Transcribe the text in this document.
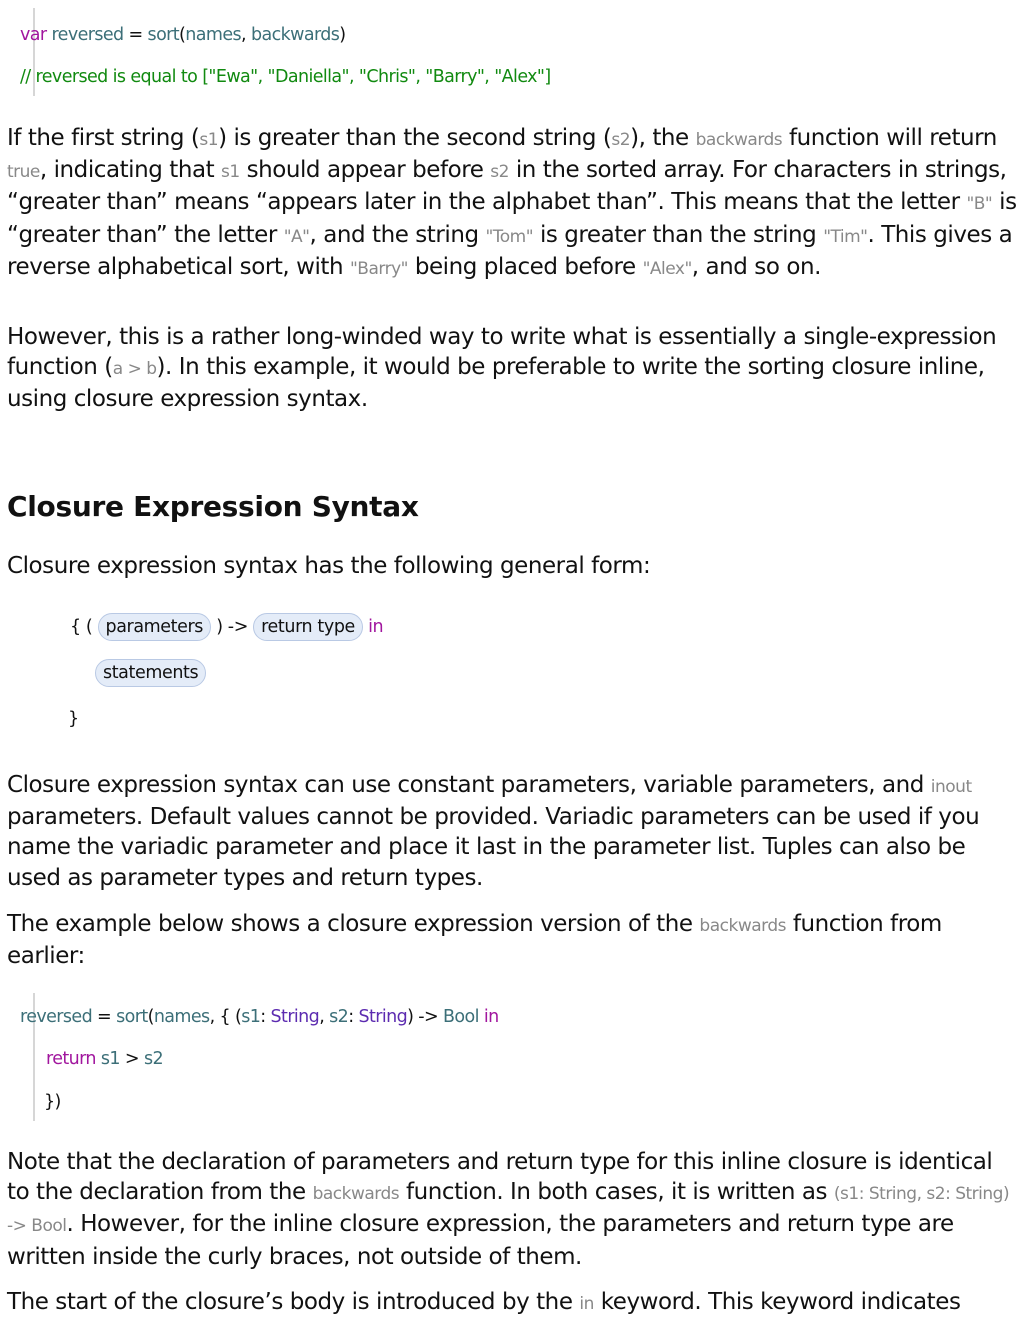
var reversed = sort(names, backwards)
// reversed is equal to ["Ewa", "Daniella", "Chris", "Barry", "Alex"]

If the first string (s1) is greater than the second string (s2), the backwards function will return true, indicating that s1 should appear before s2 in the sorted array. For characters in strings, “greater than” means “appears later in the alphabet than”. This means that the letter "B" is “greater than” the letter "A", and the string "Tom" is greater than the string "Tim". This gives a reverse alphabetical sort, with "Barry" being placed before "Alex", and so on.

However, this is a rather long-winded way to write what is essentially a single-expression function (a > b). In this example, it would be preferable to write the sorting closure inline, using closure expression syntax.

Closure Expression Syntax

Closure expression syntax has the following general form:

{ ( parameters ) -> return type in
statements
}

Closure expression syntax can use constant parameters, variable parameters, and inout parameters. Default values cannot be provided. Variadic parameters can be used if you name the variadic parameter and place it last in the parameter list. Tuples can also be used as parameter types and return types.

The example below shows a closure expression version of the backwards function from earlier:

reversed = sort(names, { (s1: String, s2: String) -> Bool in
return s1 > s2
})

Note that the declaration of parameters and return type for this inline closure is identical to the declaration from the backwards function. In both cases, it is written as (s1: String, s2: String) -> Bool. However, for the inline closure expression, the parameters and return type are written inside the curly braces, not outside of them.

The start of the closure’s body is introduced by the in keyword. This keyword indicates
